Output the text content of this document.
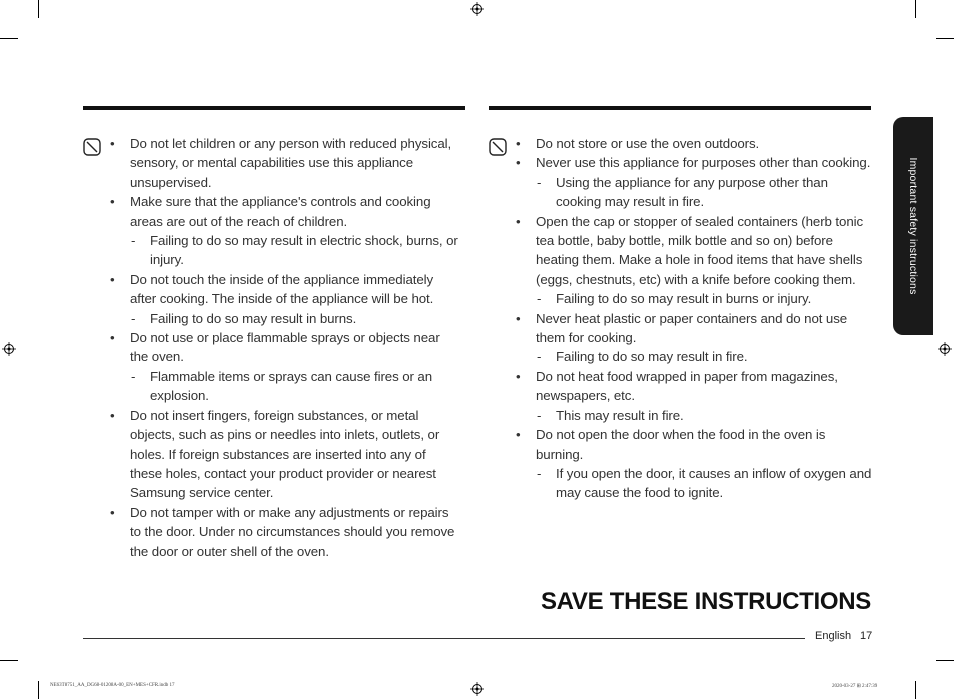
• Do not let children or any person with reduced physical, sensory, or mental capabilities use this appliance unsupervised.
• Make sure that the appliance's controls and cooking areas are out of the reach of children.
- Failing to do so may result in electric shock, burns, or injury.
• Do not touch the inside of the appliance immediately after cooking. The inside of the appliance will be hot.
- Failing to do so may result in burns.
• Do not use or place flammable sprays or objects near the oven.
- Flammable items or sprays can cause fires or an explosion.
• Do not insert fingers, foreign substances, or metal objects, such as pins or needles into inlets, outlets, or holes. If foreign substances are inserted into any of these holes, contact your product provider or nearest Samsung service center.
• Do not tamper with or make any adjustments or repairs to the door. Under no circumstances should you remove the door or outer shell of the oven.
• Do not store or use the oven outdoors.
• Never use this appliance for purposes other than cooking.
- Using the appliance for any purpose other than cooking may result in fire.
• Open the cap or stopper of sealed containers (herb tonic tea bottle, baby bottle, milk bottle and so on) before heating them. Make a hole in food items that have shells (eggs, chestnuts, etc) with a knife before cooking them.
- Failing to do so may result in burns or injury.
• Never heat plastic or paper containers and do not use them for cooking.
- Failing to do so may result in fire.
• Do not heat food wrapped in paper from magazines, newspapers, etc.
- This may result in fire.
• Do not open the door when the food in the oven is burning.
- If you open the door, it causes an inflow of oxygen and may cause the food to ignite.
Important safety instructions
SAVE THESE INSTRUCTIONS
English 17
NE63T8751_AA_DG68-01208A-00_EN+MES+CFR.indb 17	2020-03-27 ⊞ 2:47:39
